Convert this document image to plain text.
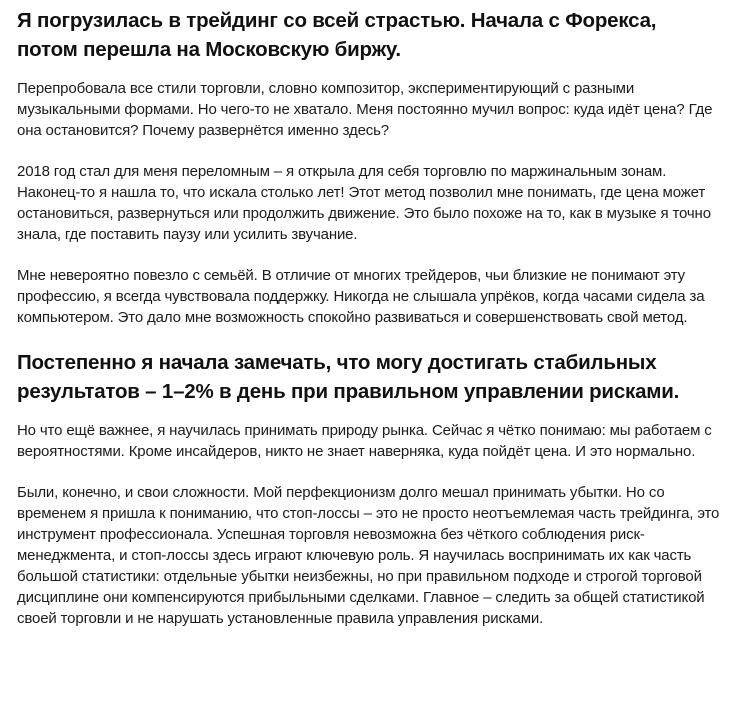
Я погрузилась в трейдинг со всей страстью. Начала с Форекса, потом перешла на Московскую биржу.

Перепробовала все стили торговли, словно композитор, экспериментирующий с разными музыкальными формами. Но чего-то не хватало. Меня постоянно мучил вопрос: куда идёт цена? Где она остановится? Почему развернётся именно здесь?

2018 год стал для меня переломным – я открыла для себя торговлю по маржинальным зонам. Наконец-то я нашла то, что искала столько лет! Этот метод позволил мне понимать, где цена может остановиться, развернуться или продолжить движение. Это было похоже на то, как в музыке я точно знала, где поставить паузу или усилить звучание.

Мне невероятно повезло с семьёй. В отличие от многих трейдеров, чьи близкие не понимают эту профессию, я всегда чувствовала поддержку. Никогда не слышала упрёков, когда часами сидела за компьютером. Это дало мне возможность спокойно развиваться и совершенствовать свой метод.

Постепенно я начала замечать, что могу достигать стабильных результатов – 1–2% в день при правильном управлении рисками.

Но что ещё важнее, я научилась принимать природу рынка. Сейчас я чётко понимаю: мы работаем с вероятностями. Кроме инсайдеров, никто не знает наверняка, куда пойдёт цена. И это нормально.

Были, конечно, и свои сложности. Мой перфекционизм долго мешал принимать убытки. Но со временем я пришла к пониманию, что стоп-лоссы – это не просто неотъемлемая часть трейдинга, это инструмент профессионала. Успешная торговля невозможна без чёткого соблюдения риск-менеджмента, и стоп-лоссы здесь играют ключевую роль. Я научилась воспринимать их как часть большой статистики: отдельные убытки неизбежны, но при правильном подходе и строгой торговой дисциплине они компенсируются прибыльными сделками. Главное – следить за общей статистикой своей торговли и не нарушать установленные правила управления рисками.
